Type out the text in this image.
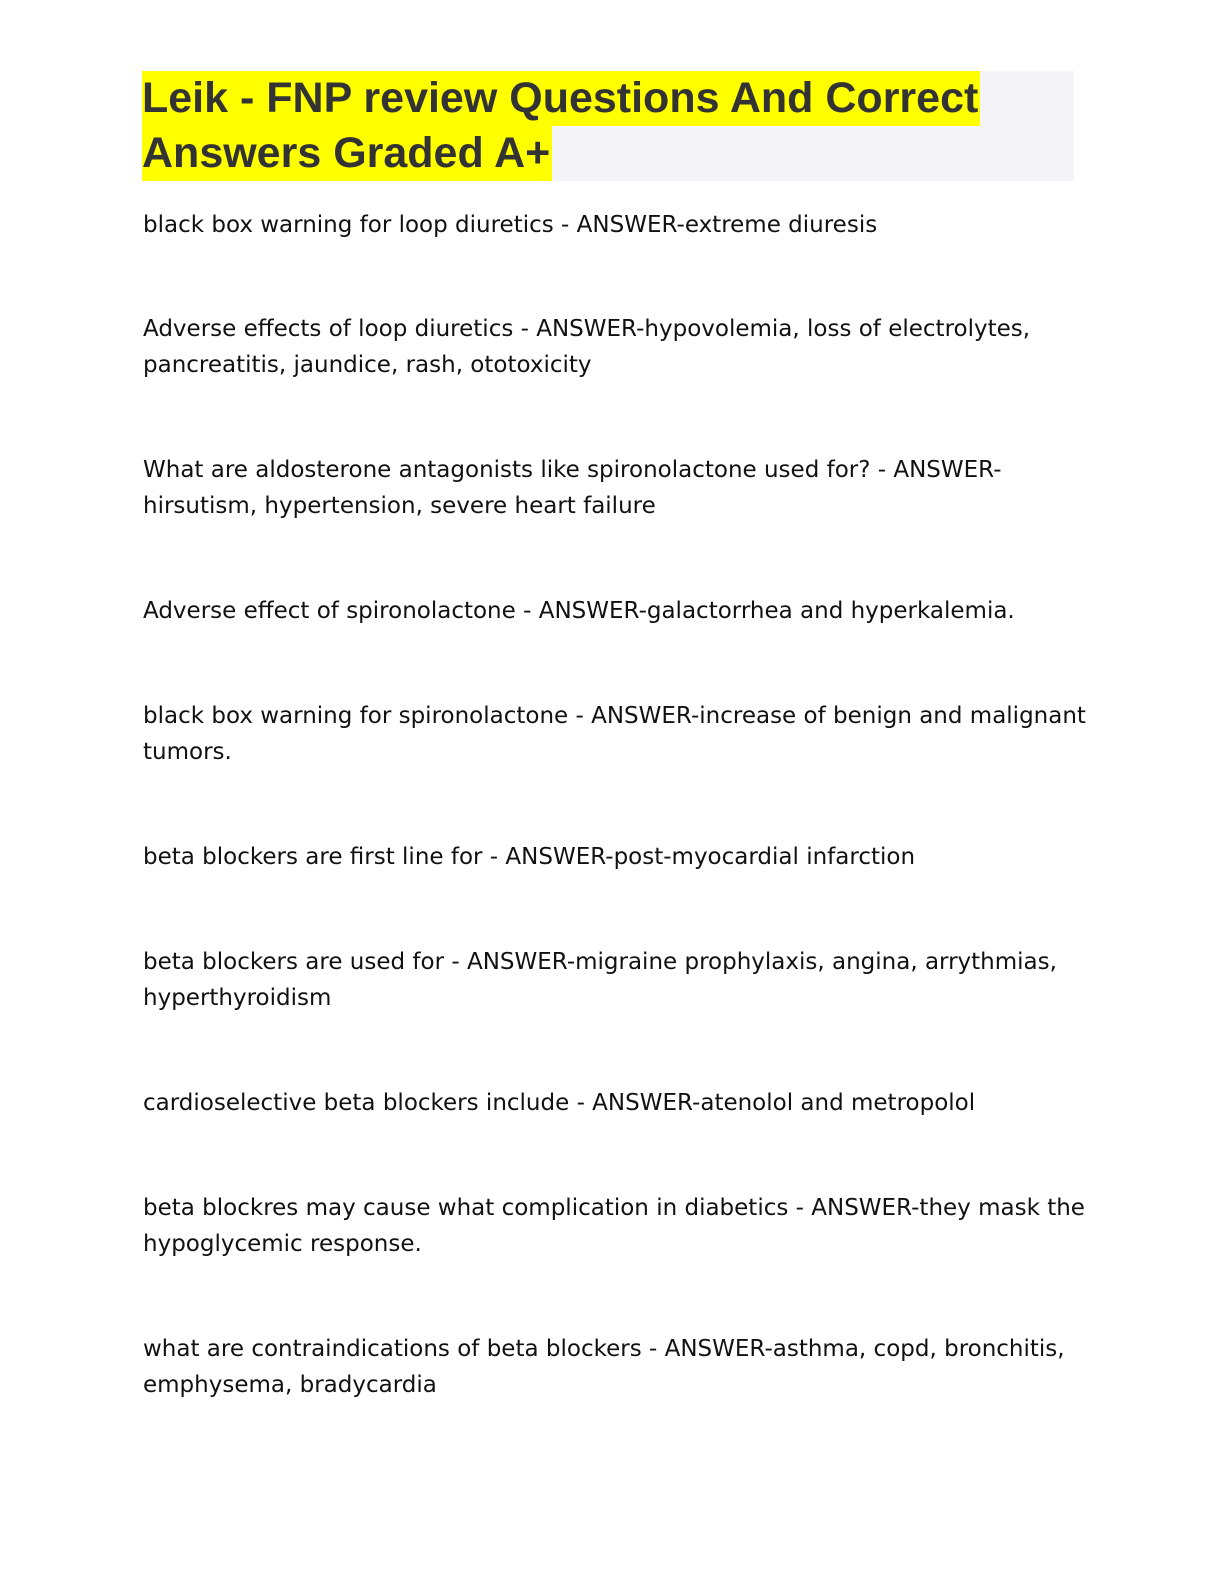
Leik - FNP review Questions And Correct
Answers Graded A+
black box warning for loop diuretics - ANSWER-extreme diuresis
Adverse effects of loop diuretics - ANSWER-hypovolemia, loss of electrolytes,
pancreatitis, jaundice, rash, ototoxicity
What are aldosterone antagonists like spironolactone used for? - ANSWER-
hirsutism, hypertension, severe heart failure
Adverse effect of spironolactone - ANSWER-galactorrhea and hyperkalemia.
black box warning for spironolactone - ANSWER-increase of benign and malignant
tumors.
beta blockers are first line for - ANSWER-post-myocardial infarction
beta blockers are used for - ANSWER-migraine prophylaxis, angina, arrythmias,
hyperthyroidism
cardioselective beta blockers include - ANSWER-atenolol and metropolol
beta blockres may cause what complication in diabetics - ANSWER-they mask the
hypoglycemic response.
what are contraindications of beta blockers - ANSWER-asthma, copd, bronchitis,
emphysema, bradycardia
